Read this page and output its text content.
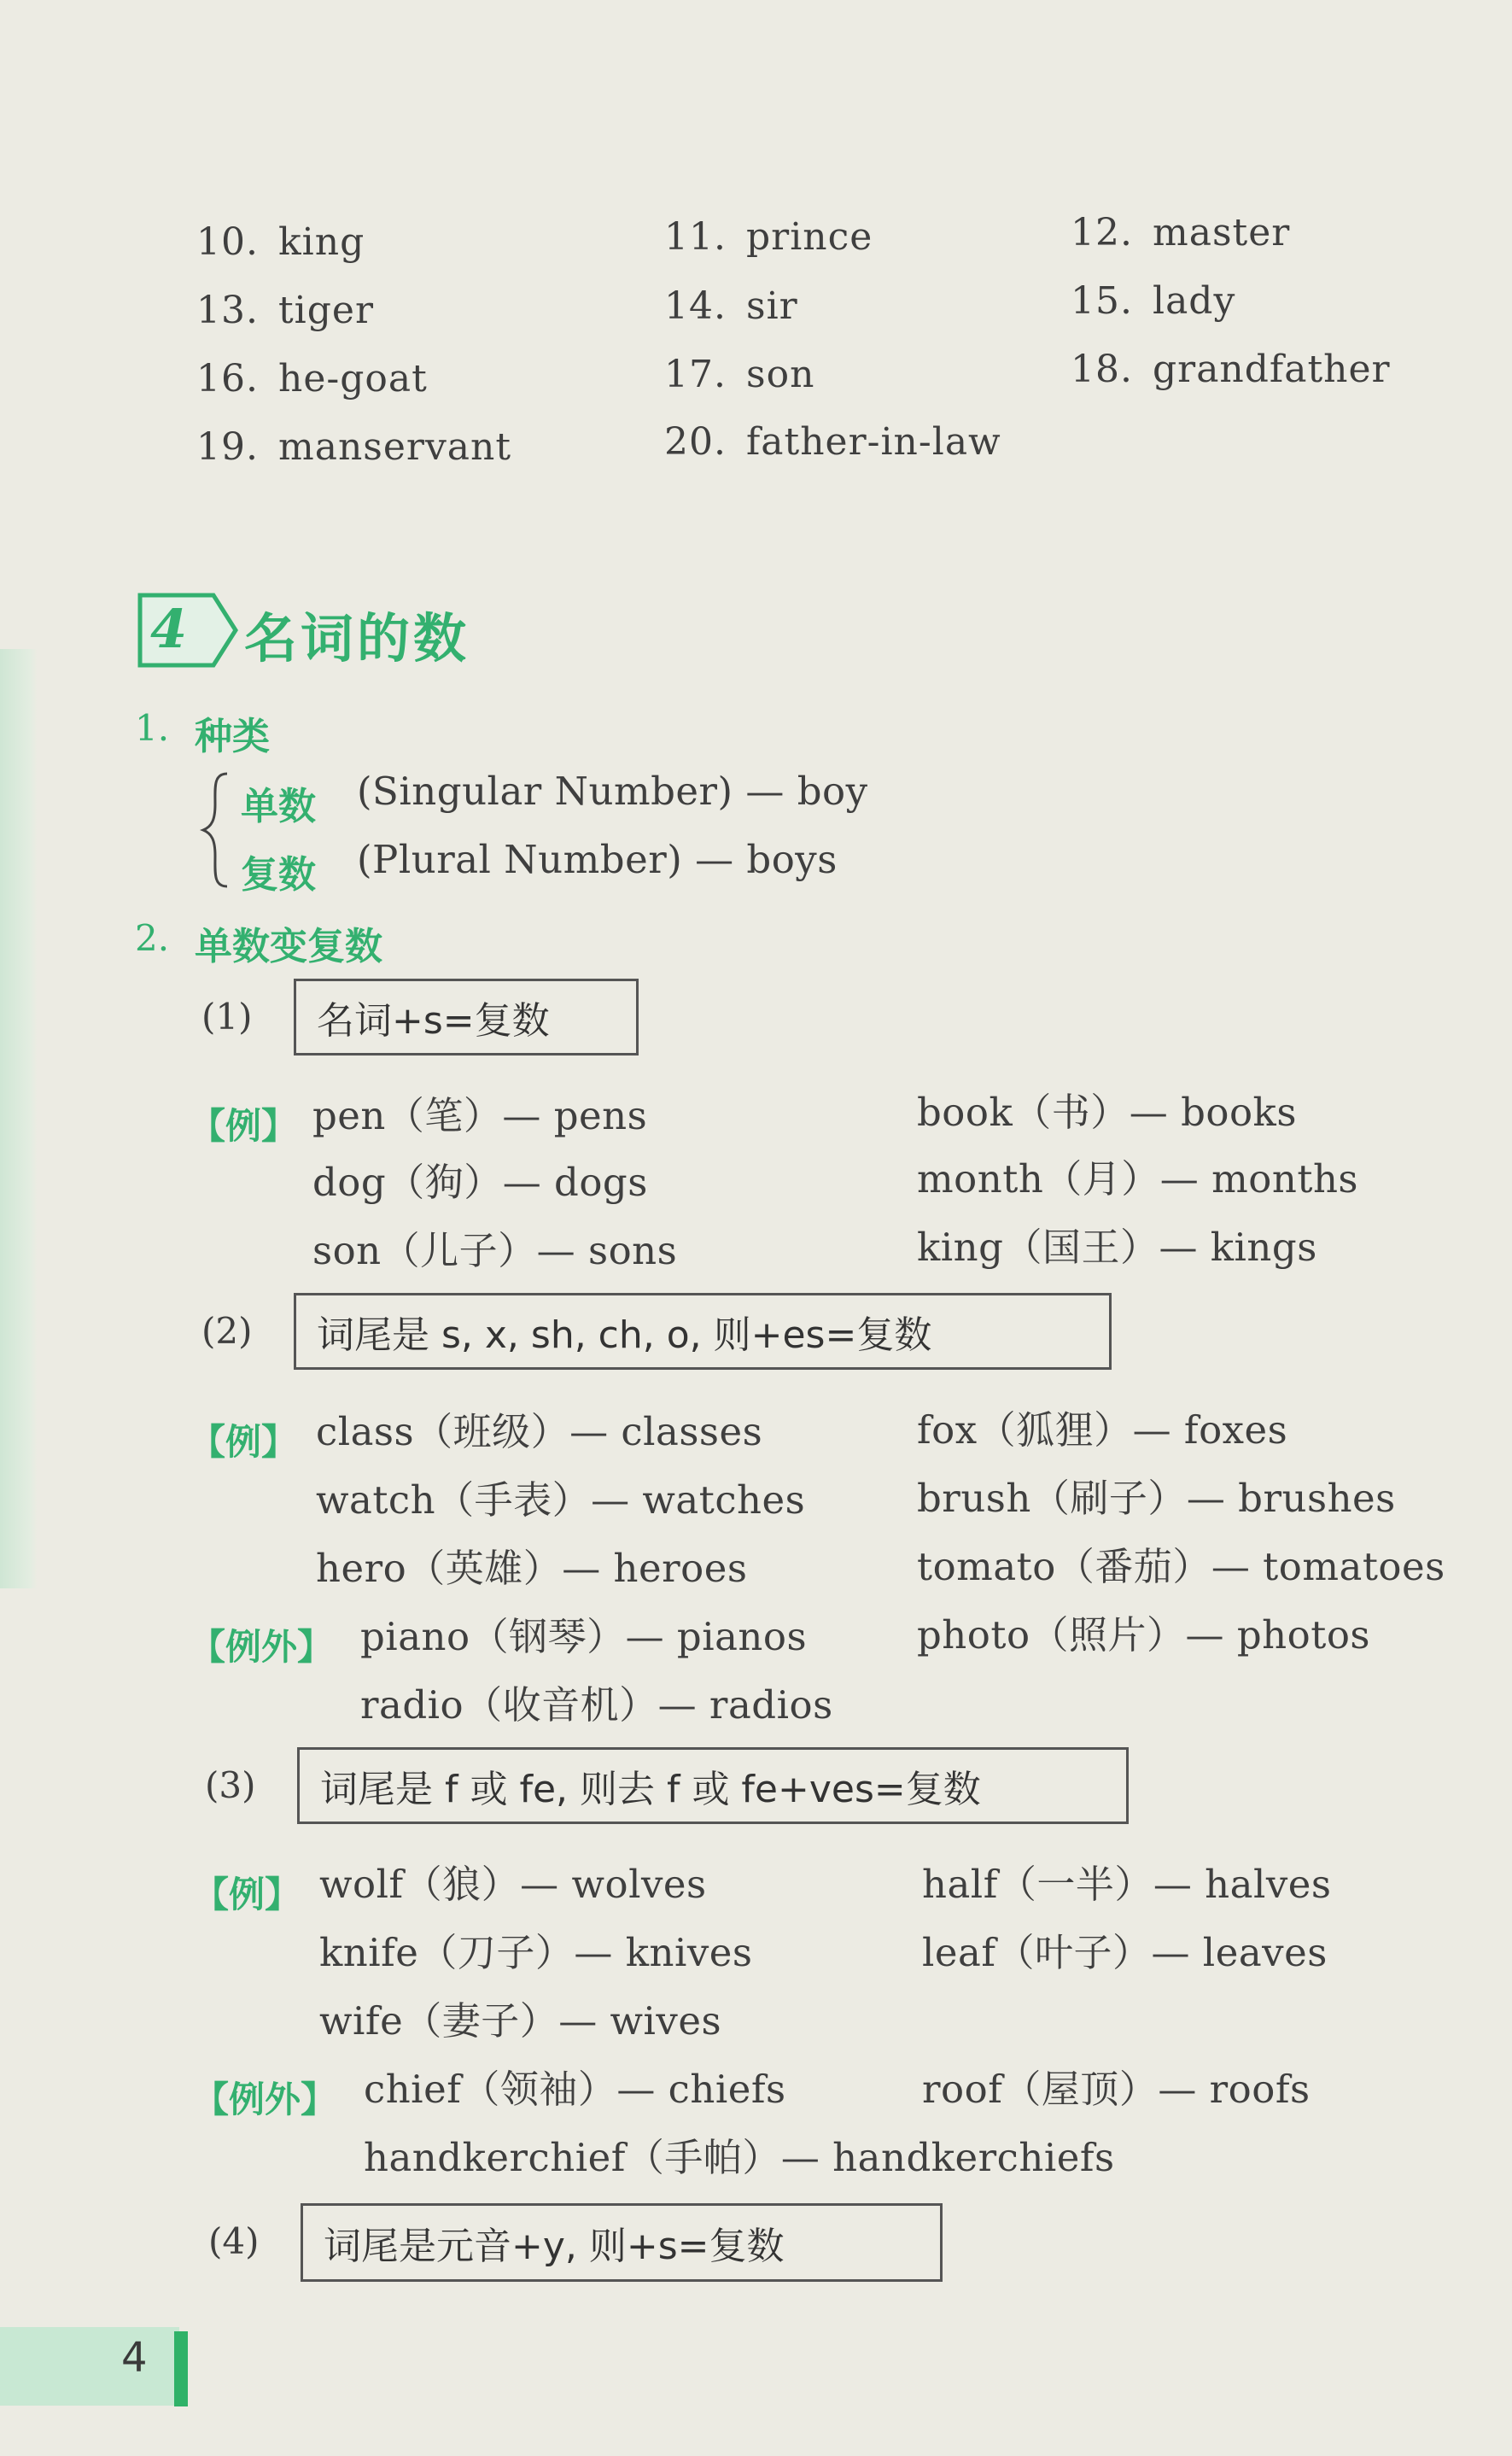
10. king	11. prince	12. master
13. tiger	14. sir	15. lady
16. he-goat	17. son	18. grandfather
19. manservant	20. father-in-law
4 名词的数
1. 种类
单数 (Singular Number) — boy
复数 (Plural Number) — boys
2. 单数变复数
(1)	名词+s=复数
【例】 pen（笔）— pens	book（书）— books
dog（狗）— dogs	month（月）— months
son（儿子）— sons	king（国王）— kings
(2)	词尾是 s, x, sh, ch, o, 则+es=复数
【例】 class（班级）— classes	fox（狐狸）— foxes
watch（手表）— watches	brush（刷子）— brushes
hero（英雄）— heroes	tomato（番茄）— tomatoes
【例外】 piano（钢琴）— pianos	photo（照片）— photos
radio（收音机）— radios
(3)	词尾是 f 或 fe, 则去 f 或 fe+ves=复数
【例】 wolf（狼）— wolves	half（一半）— halves
knife（刀子）— knives	leaf（叶子）— leaves
wife（妻子）— wives
【例外】 chief（领袖）— chiefs	roof（屋顶）— roofs
handkerchief（手帕）— handkerchiefs
(4)	词尾是元音+y, 则+s=复数
4
